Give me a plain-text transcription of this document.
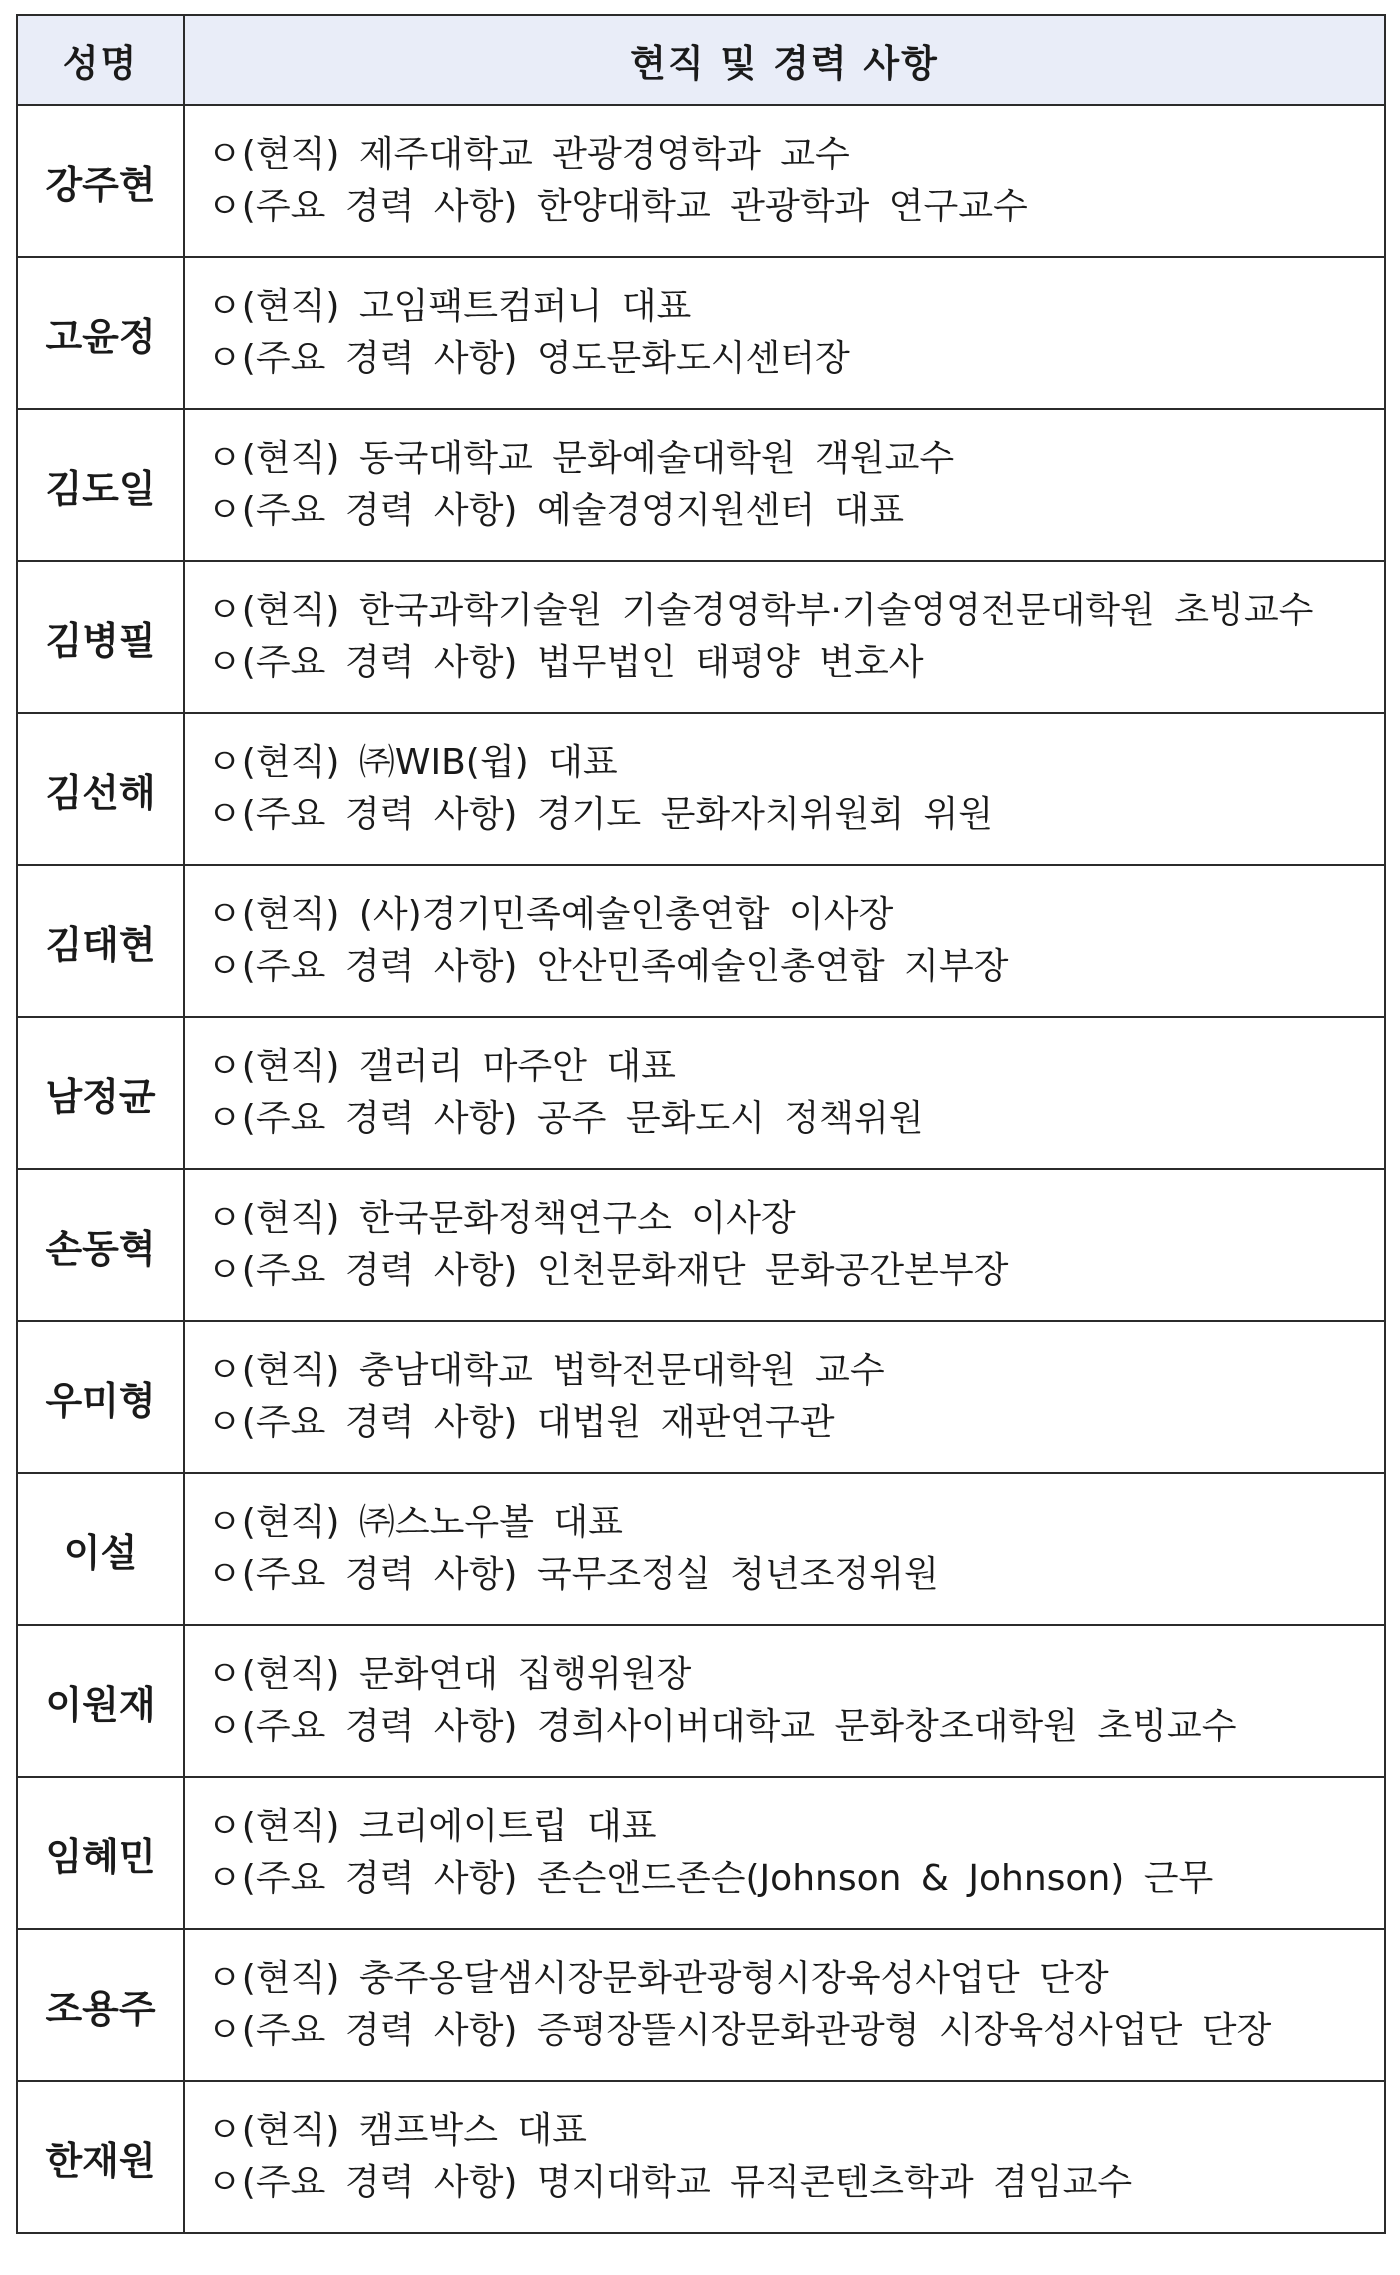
성명	현직 및 경력 사항
강주현	ㅇ(현직) 제주대학교 관광경영학과 교수
ㅇ(주요 경력 사항) 한양대학교 관광학과 연구교수

고윤정	ㅇ(현직) 고임팩트컴퍼니 대표
ㅇ(주요 경력 사항) 영도문화도시센터장

김도일	ㅇ(현직) 동국대학교 문화예술대학원 객원교수
ㅇ(주요 경력 사항) 예술경영지원센터 대표

김병필	ㅇ(현직) 한국과학기술원 기술경영학부·기술영영전문대학원 초빙교수
ㅇ(주요 경력 사항) 법무법인 태평양 변호사

김선해	ㅇ(현직) ㈜WIB(윕) 대표
ㅇ(주요 경력 사항) 경기도 문화자치위원회 위원

김태현	ㅇ(현직) (사)경기민족예술인총연합 이사장
ㅇ(주요 경력 사항) 안산민족예술인총연합 지부장

남정균	ㅇ(현직) 갤러리 마주안 대표
ㅇ(주요 경력 사항) 공주 문화도시 정책위원

손동혁	ㅇ(현직) 한국문화정책연구소 이사장
ㅇ(주요 경력 사항) 인천문화재단 문화공간본부장

우미형	ㅇ(현직) 충남대학교 법학전문대학원 교수
ㅇ(주요 경력 사항) 대법원 재판연구관

이설	ㅇ(현직) ㈜스노우볼 대표
ㅇ(주요 경력 사항) 국무조정실 청년조정위원

이원재	ㅇ(현직) 문화연대 집행위원장
ㅇ(주요 경력 사항) 경희사이버대학교 문화창조대학원 초빙교수

임혜민	ㅇ(현직) 크리에이트립 대표
ㅇ(주요 경력 사항) 존슨앤드존슨(Johnson & Johnson) 근무

조용주	ㅇ(현직) 충주옹달샘시장문화관광형시장육성사업단 단장
ㅇ(주요 경력 사항) 증평장뜰시장문화관광형 시장육성사업단 단장

한재원	ㅇ(현직) 캠프박스 대표
ㅇ(주요 경력 사항) 명지대학교 뮤직콘텐츠학과 겸임교수
